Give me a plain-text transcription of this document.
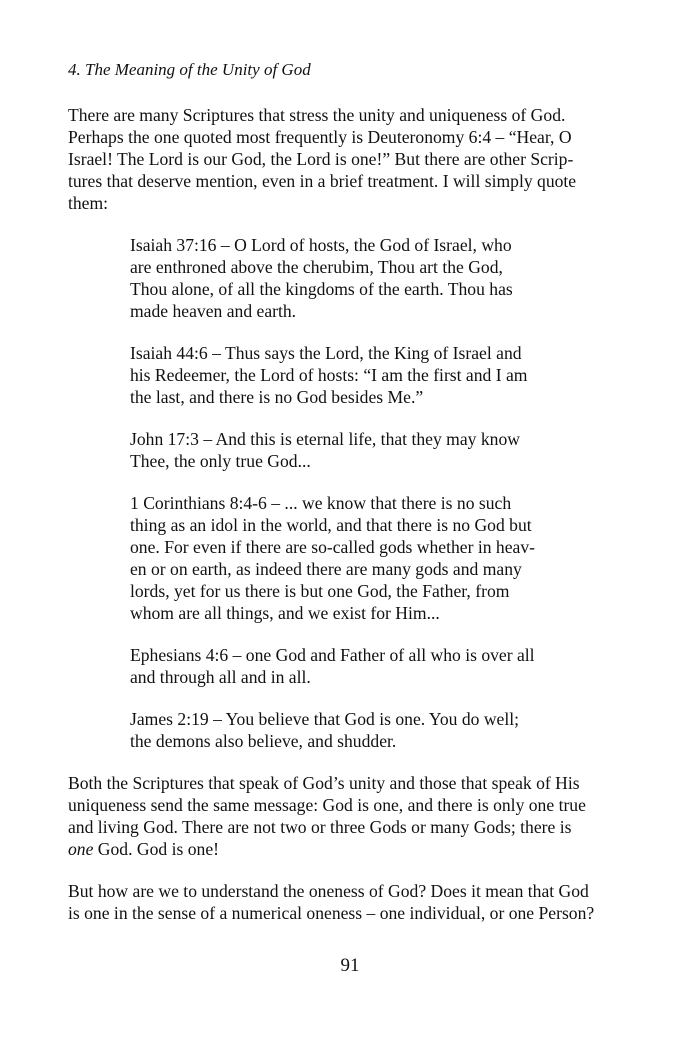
4. The Meaning of the Unity of God

There are many Scriptures that stress the unity and uniqueness of God.
Perhaps the one quoted most frequently is Deuteronomy 6:4 – “Hear, O
Israel! The Lord is our God, the Lord is one!” But there are other Scrip-
tures that deserve mention, even in a brief treatment. I will simply quote
them:

Isaiah 37:16 – O Lord of hosts, the God of Israel, who
are enthroned above the cherubim, Thou art the God,
Thou alone, of all the kingdoms of the earth. Thou has
made heaven and earth.

Isaiah 44:6 – Thus says the Lord, the King of Israel and
his Redeemer, the Lord of hosts: “I am the first and I am
the last, and there is no God besides Me.”

John 17:3 – And this is eternal life, that they may know
Thee, the only true God...

1 Corinthians 8:4-6 – ... we know that there is no such
thing as an idol in the world, and that there is no God but
one. For even if there are so-called gods whether in heav-
en or on earth, as indeed there are many gods and many
lords, yet for us there is but one God, the Father, from
whom are all things, and we exist for Him...

Ephesians 4:6 – one God and Father of all who is over all
and through all and in all.

James 2:19 – You believe that God is one. You do well;
the demons also believe, and shudder.

Both the Scriptures that speak of God’s unity and those that speak of His
uniqueness send the same message: God is one, and there is only one true
and living God. There are not two or three Gods or many Gods; there is
one God. God is one!

But how are we to understand the oneness of God? Does it mean that God
is one in the sense of a numerical oneness – one individual, or one Person?

91
